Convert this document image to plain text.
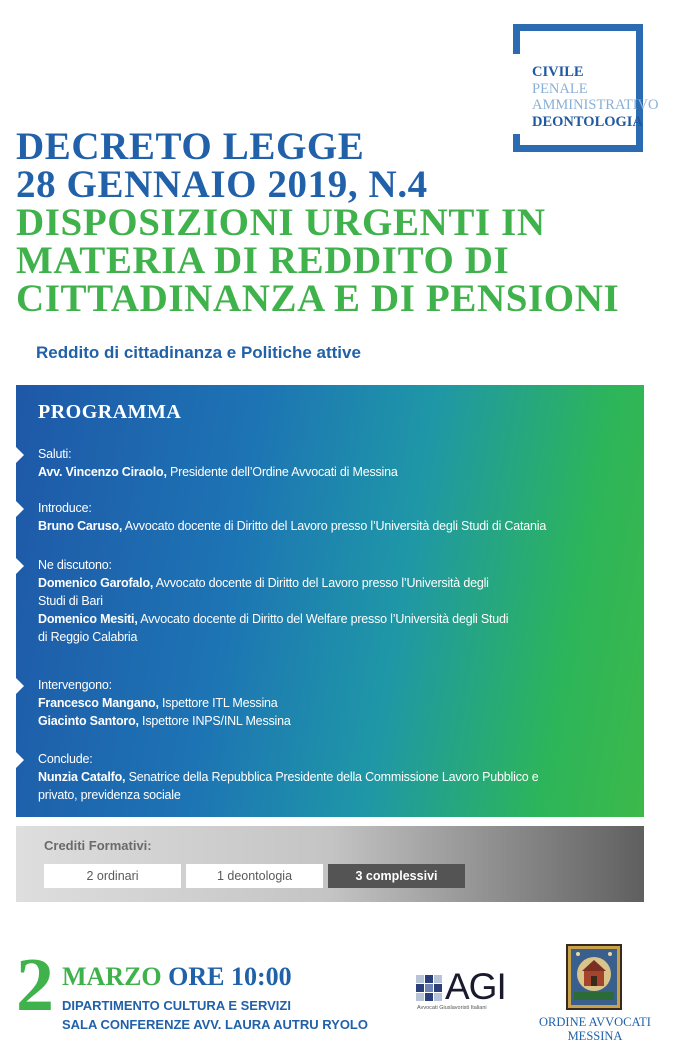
CIVILE
PENALE
AMMINISTRATIVO
DEONTOLOGIA
DECRETO LEGGE
28 GENNAIO 2019, N.4
DISPOSIZIONI URGENTI IN
MATERIA DI REDDITO DI
CITTADINANZA E DI PENSIONI
Reddito di cittadinanza e Politiche attive
PROGRAMMA
Saluti:
Avv. Vincenzo Ciraolo, Presidente dell’Ordine Avvocati di Messina
Introduce:
Bruno Caruso, Avvocato docente di Diritto del Lavoro presso l’Università degli Studi di Catania
Ne discutono:
Domenico Garofalo, Avvocato docente di Diritto del Lavoro presso l’Università degli
Studi di Bari
Domenico Mesiti, Avvocato docente di Diritto del Welfare presso l’Università degli Studi
di Reggio Calabria
Intervengono:
Francesco Mangano, Ispettore ITL Messina
Giacinto Santoro, Ispettore INPS/INL Messina
Conclude:
Nunzia Catalfo, Senatrice della Repubblica Presidente della Commissione Lavoro Pubblico e
privato, previdenza sociale
Crediti Formativi:
2 ordinari	1 deontologia	3 complessivi
2 MARZO ORE 10:00
DIPARTIMENTO CULTURA E SERVIZI
SALA CONFERENZE AVV. LAURA AUTRU RYOLO
AGI
Avvocati Giuslavoristi Italiani
ORDINE AVVOCATI
MESSINA
